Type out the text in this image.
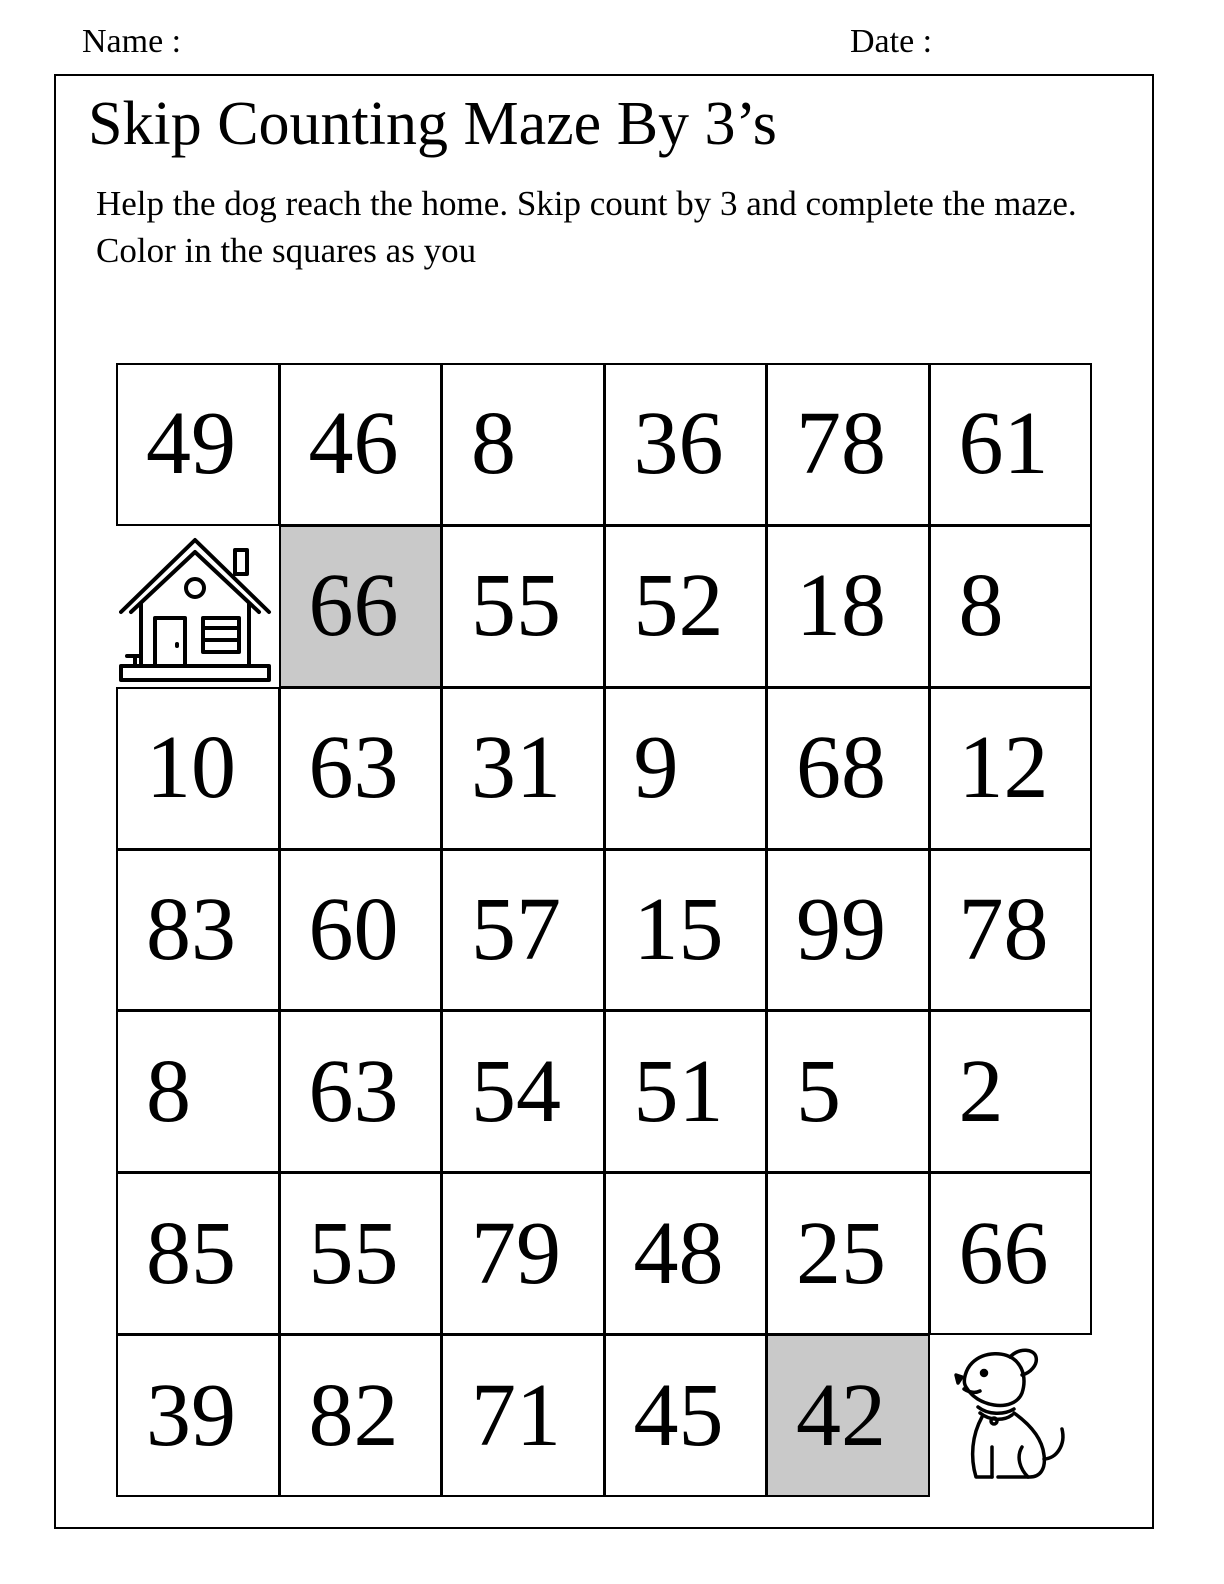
Name :	Date :
Skip Counting Maze By 3’s
Help the dog reach the home. Skip count by 3 and complete the maze. Color in the squares as you
49 46 8 36 78 61
66 55 52 18 8
10 63 31 9 68 12
83 60 57 15 99 78
8 63 54 51 5 2
85 55 79 48 25 66
39 82 71 45 42
